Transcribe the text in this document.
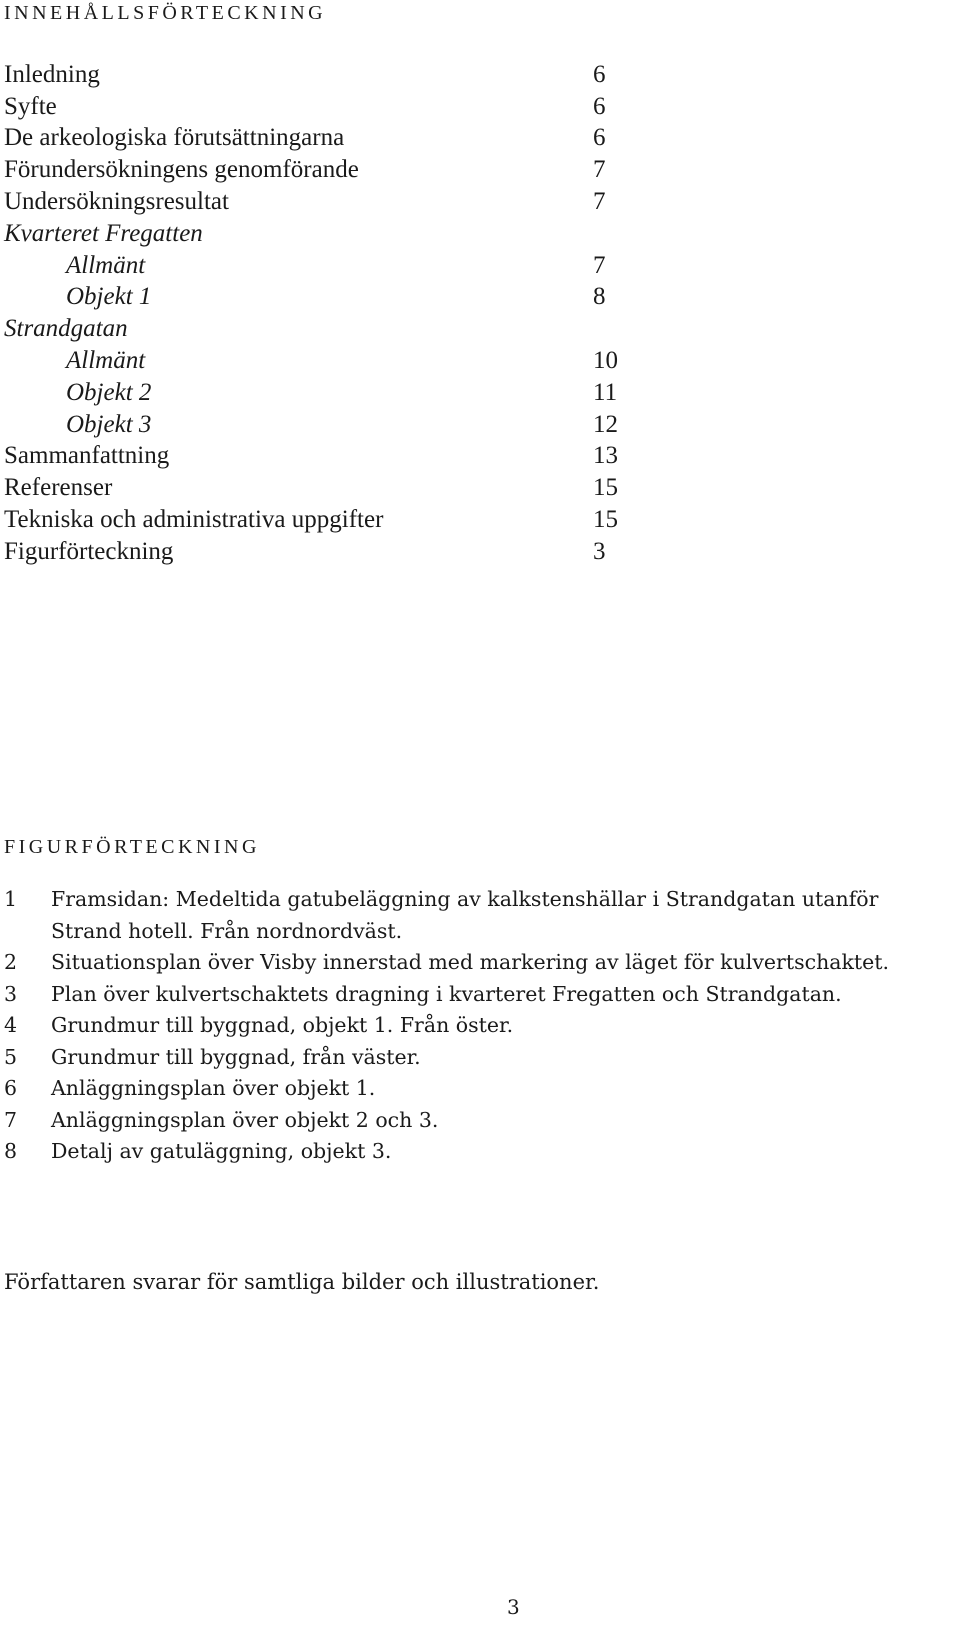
INNEHÅLLSFÖRTECKNING
Inledning	6
Syfte	6
De arkeologiska förutsättningarna	6
Förundersökningens genomförande	7
Undersökningsresultat	7
Kvarteret Fregatten
Allmänt	7
Objekt 1	8
Strandgatan
Allmänt	10
Objekt 2	11
Objekt 3	12
Sammanfattning	13
Referenser	15
Tekniska och administrativa uppgifter	15
Figurförteckning	3
FIGURFÖRTECKNING
1	Framsidan: Medeltida gatubeläggning av kalkstenshällar i Strandgatan utanför Strand hotell. Från nordnordväst.
2	Situationsplan över Visby innerstad med markering av läget för kulvertschaktet.
3	Plan över kulvertschaktets dragning i kvarteret Fregatten och Strandgatan.
4	Grundmur till byggnad, objekt 1. Från öster.
5	Grundmur till byggnad, från väster.
6	Anläggningsplan över objekt 1.
7	Anläggningsplan över objekt 2 och 3.
8	Detalj av gatuläggning, objekt 3.

Författaren svarar för samtliga bilder och illustrationer.

3
